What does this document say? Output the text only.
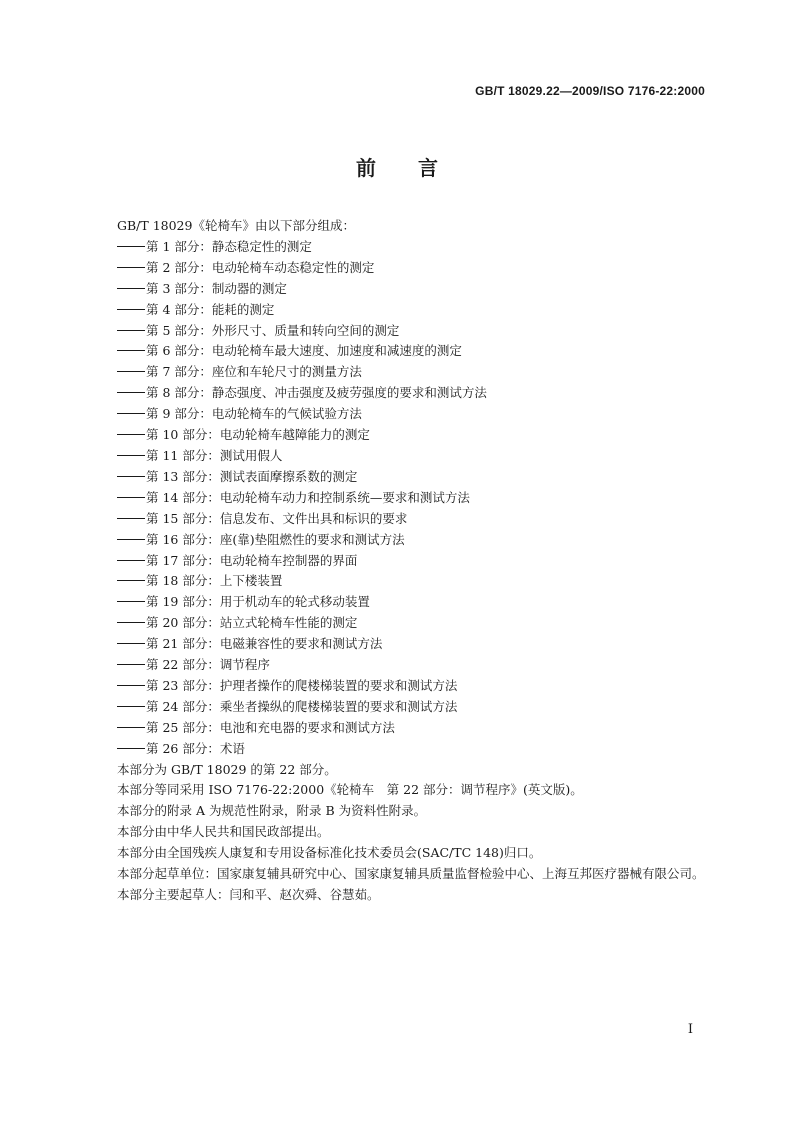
GB/T 18029.22—2009/ISO 7176-22:2000
前言

GB/T 18029《轮椅车》由以下部分组成：

第 1 部分：静态稳定性的测定
第 2 部分：电动轮椅车动态稳定性的测定
第 3 部分：制动器的测定
第 4 部分：能耗的测定
第 5 部分：外形尺寸、质量和转向空间的测定
第 6 部分：电动轮椅车最大速度、加速度和减速度的测定
第 7 部分：座位和车轮尺寸的测量方法
第 8 部分：静态强度、冲击强度及疲劳强度的要求和测试方法
第 9 部分：电动轮椅车的气候试验方法
第 10 部分：电动轮椅车越障能力的测定
第 11 部分：测试用假人
第 13 部分：测试表面摩擦系数的测定
第 14 部分：电动轮椅车动力和控制系统—要求和测试方法
第 15 部分：信息发布、文件出具和标识的要求
第 16 部分：座(靠)垫阻燃性的要求和测试方法
第 17 部分：电动轮椅车控制器的界面
第 18 部分：上下楼装置
第 19 部分：用于机动车的轮式移动装置
第 20 部分：站立式轮椅车性能的测定
第 21 部分：电磁兼容性的要求和测试方法
第 22 部分：调节程序
第 23 部分：护理者操作的爬楼梯装置的要求和测试方法
第 24 部分：乘坐者操纵的爬楼梯装置的要求和测试方法
第 25 部分：电池和充电器的要求和测试方法
第 26 部分：术语

本部分为 GB/T 18029 的第 22 部分。

本部分等同采用 ISO 7176-22:2000《轮椅车　第 22 部分：调节程序》(英文版)。

本部分的附录 A 为规范性附录，附录 B 为资料性附录。

本部分由中华人民共和国民政部提出。

本部分由全国残疾人康复和专用设备标准化技术委员会(SAC/TC 148)归口。

本部分起草单位：国家康复辅具研究中心、国家康复辅具质量监督检验中心、上海互邦医疗器械有限公司。

本部分主要起草人：闫和平、赵次舜、谷慧茹。

I
